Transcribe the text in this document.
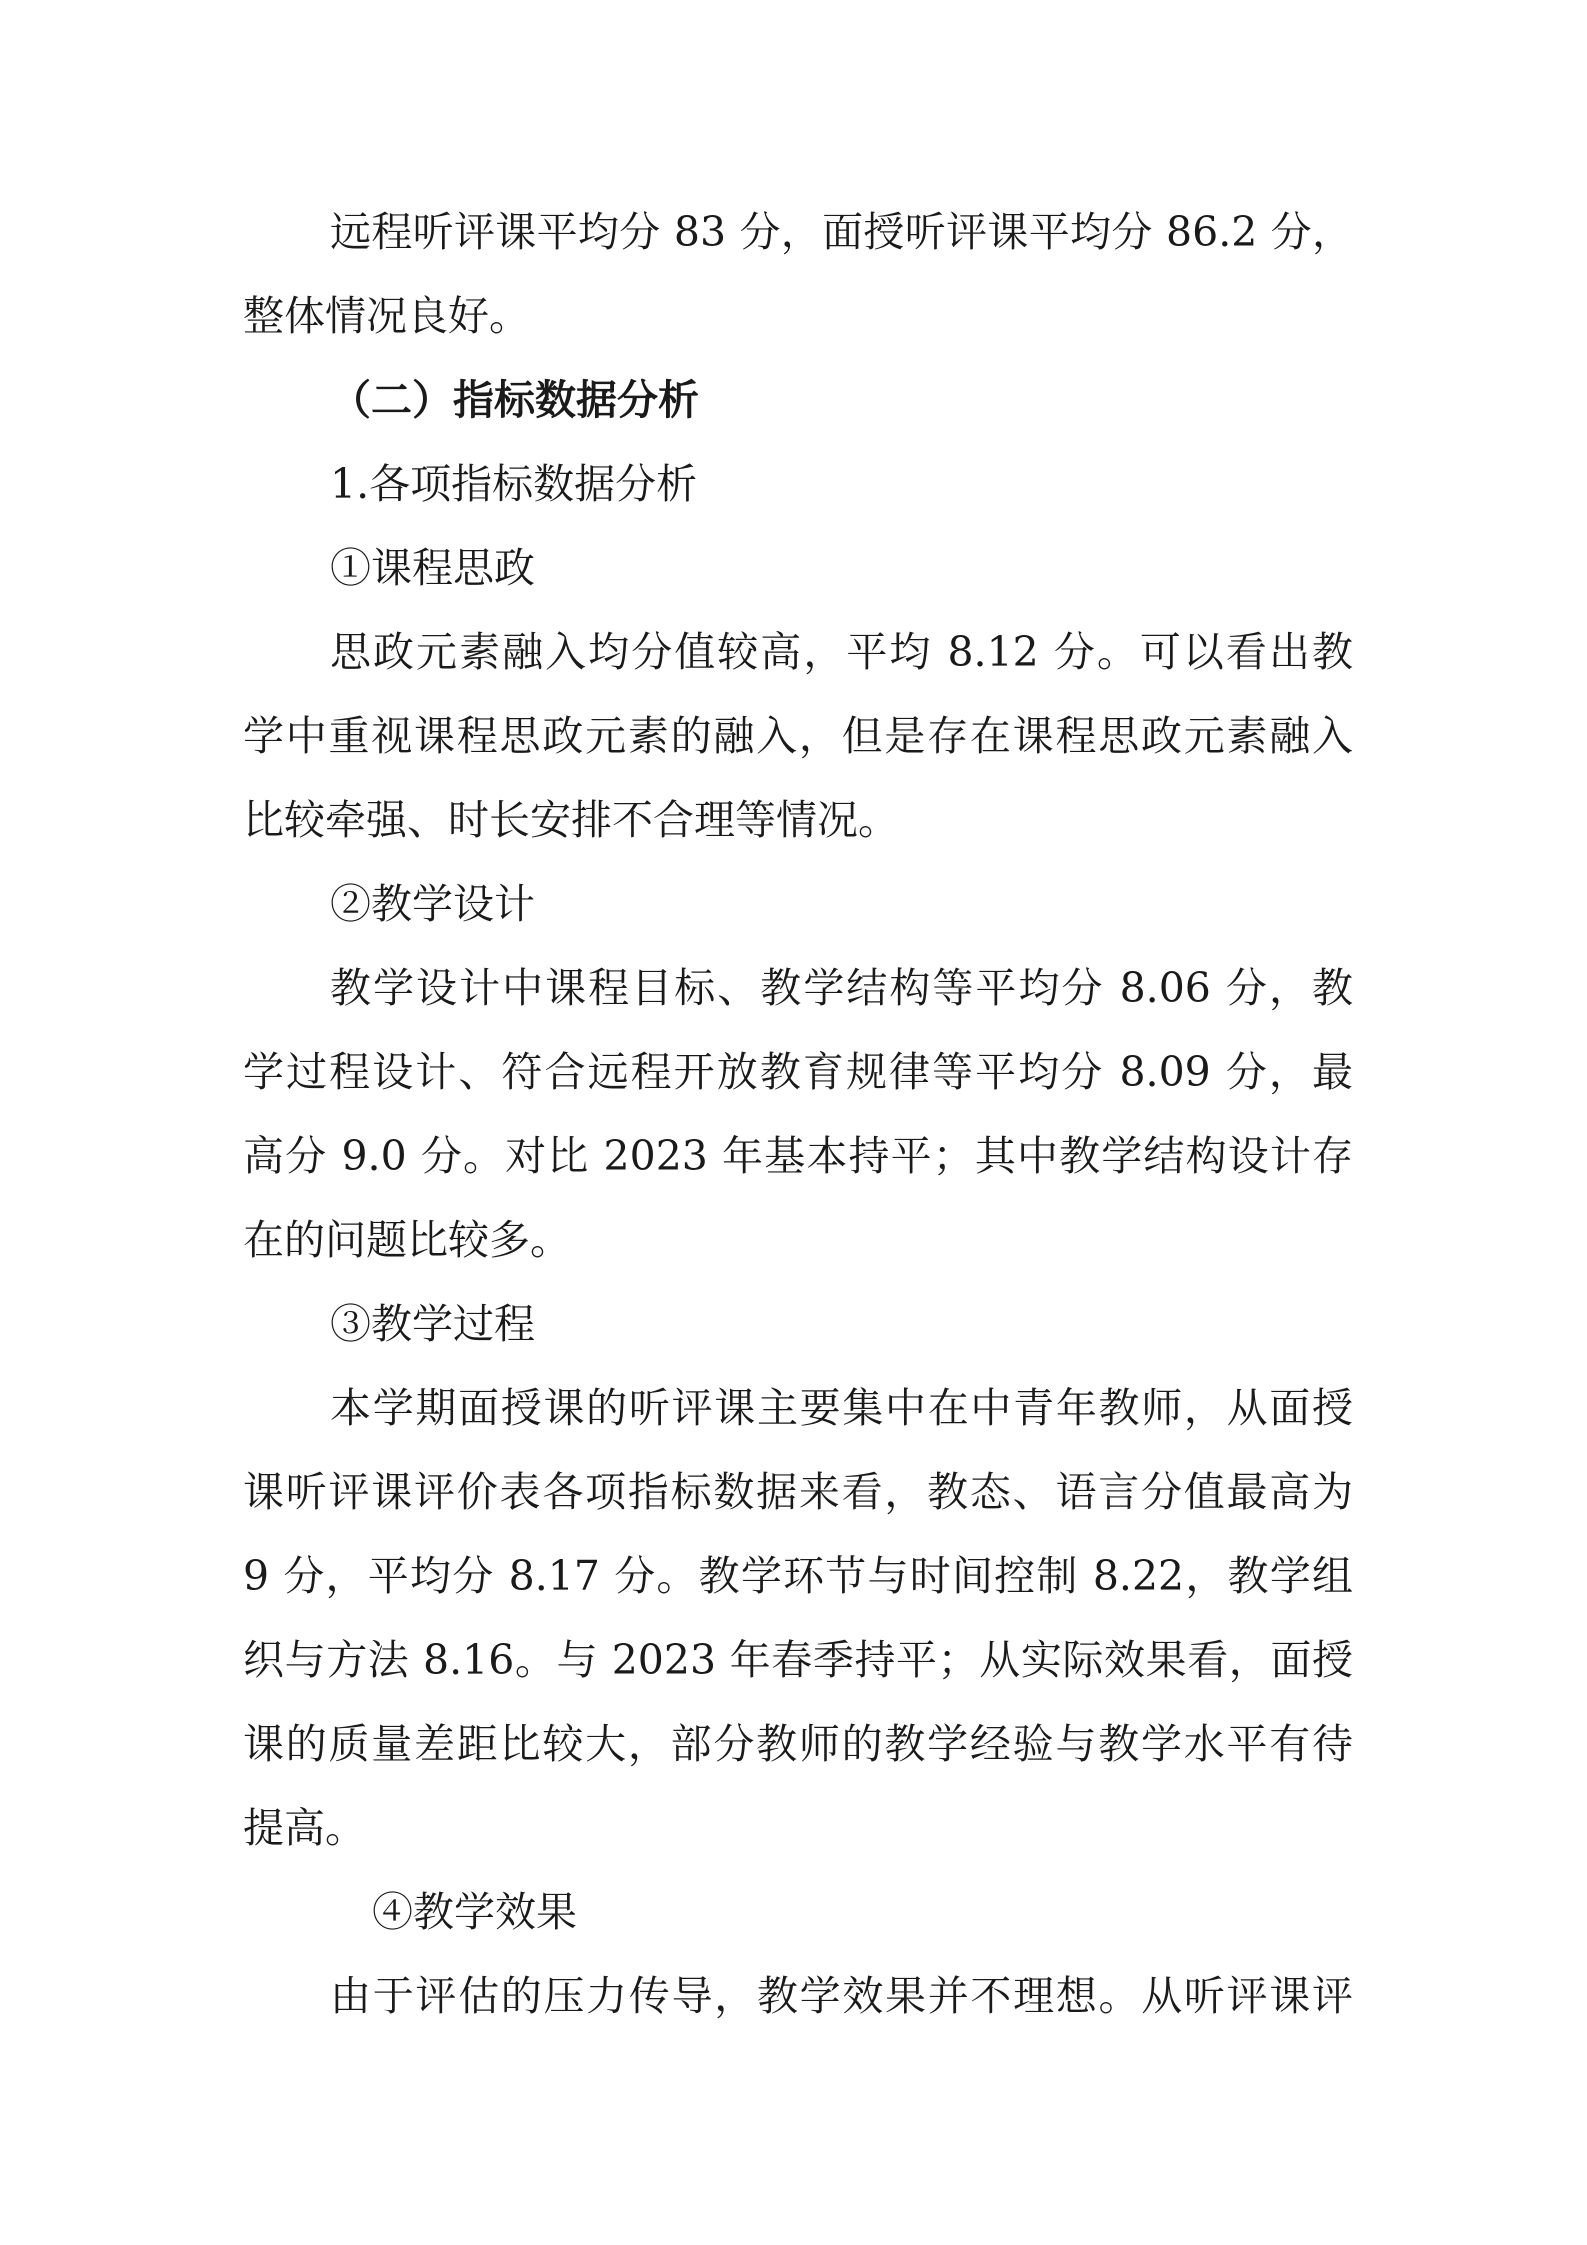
远程听评课平均分 83 分，面授听评课平均分 86.2 分，
整体情况良好。
（二）指标数据分析
1.各项指标数据分析
①课程思政
思政元素融入均分值较高，平均 8.12 分。可以看出教
学中重视课程思政元素的融入，但是存在课程思政元素融入
比较牵强、时长安排不合理等情况。
②教学设计
教学设计中课程目标、教学结构等平均分 8.06 分，教
学过程设计、符合远程开放教育规律等平均分 8.09 分，最
高分 9.0 分。对比 2023 年基本持平；其中教学结构设计存
在的问题比较多。
③教学过程
本学期面授课的听评课主要集中在中青年教师，从面授
课听评课评价表各项指标数据来看，教态、语言分值最高为
9 分，平均分 8.17 分。教学环节与时间控制 8.22，教学组
织与方法 8.16。与 2023 年春季持平；从实际效果看，面授
课的质量差距比较大，部分教师的教学经验与教学水平有待
提高。
④教学效果
由于评估的压力传导，教学效果并不理想。从听评课评
